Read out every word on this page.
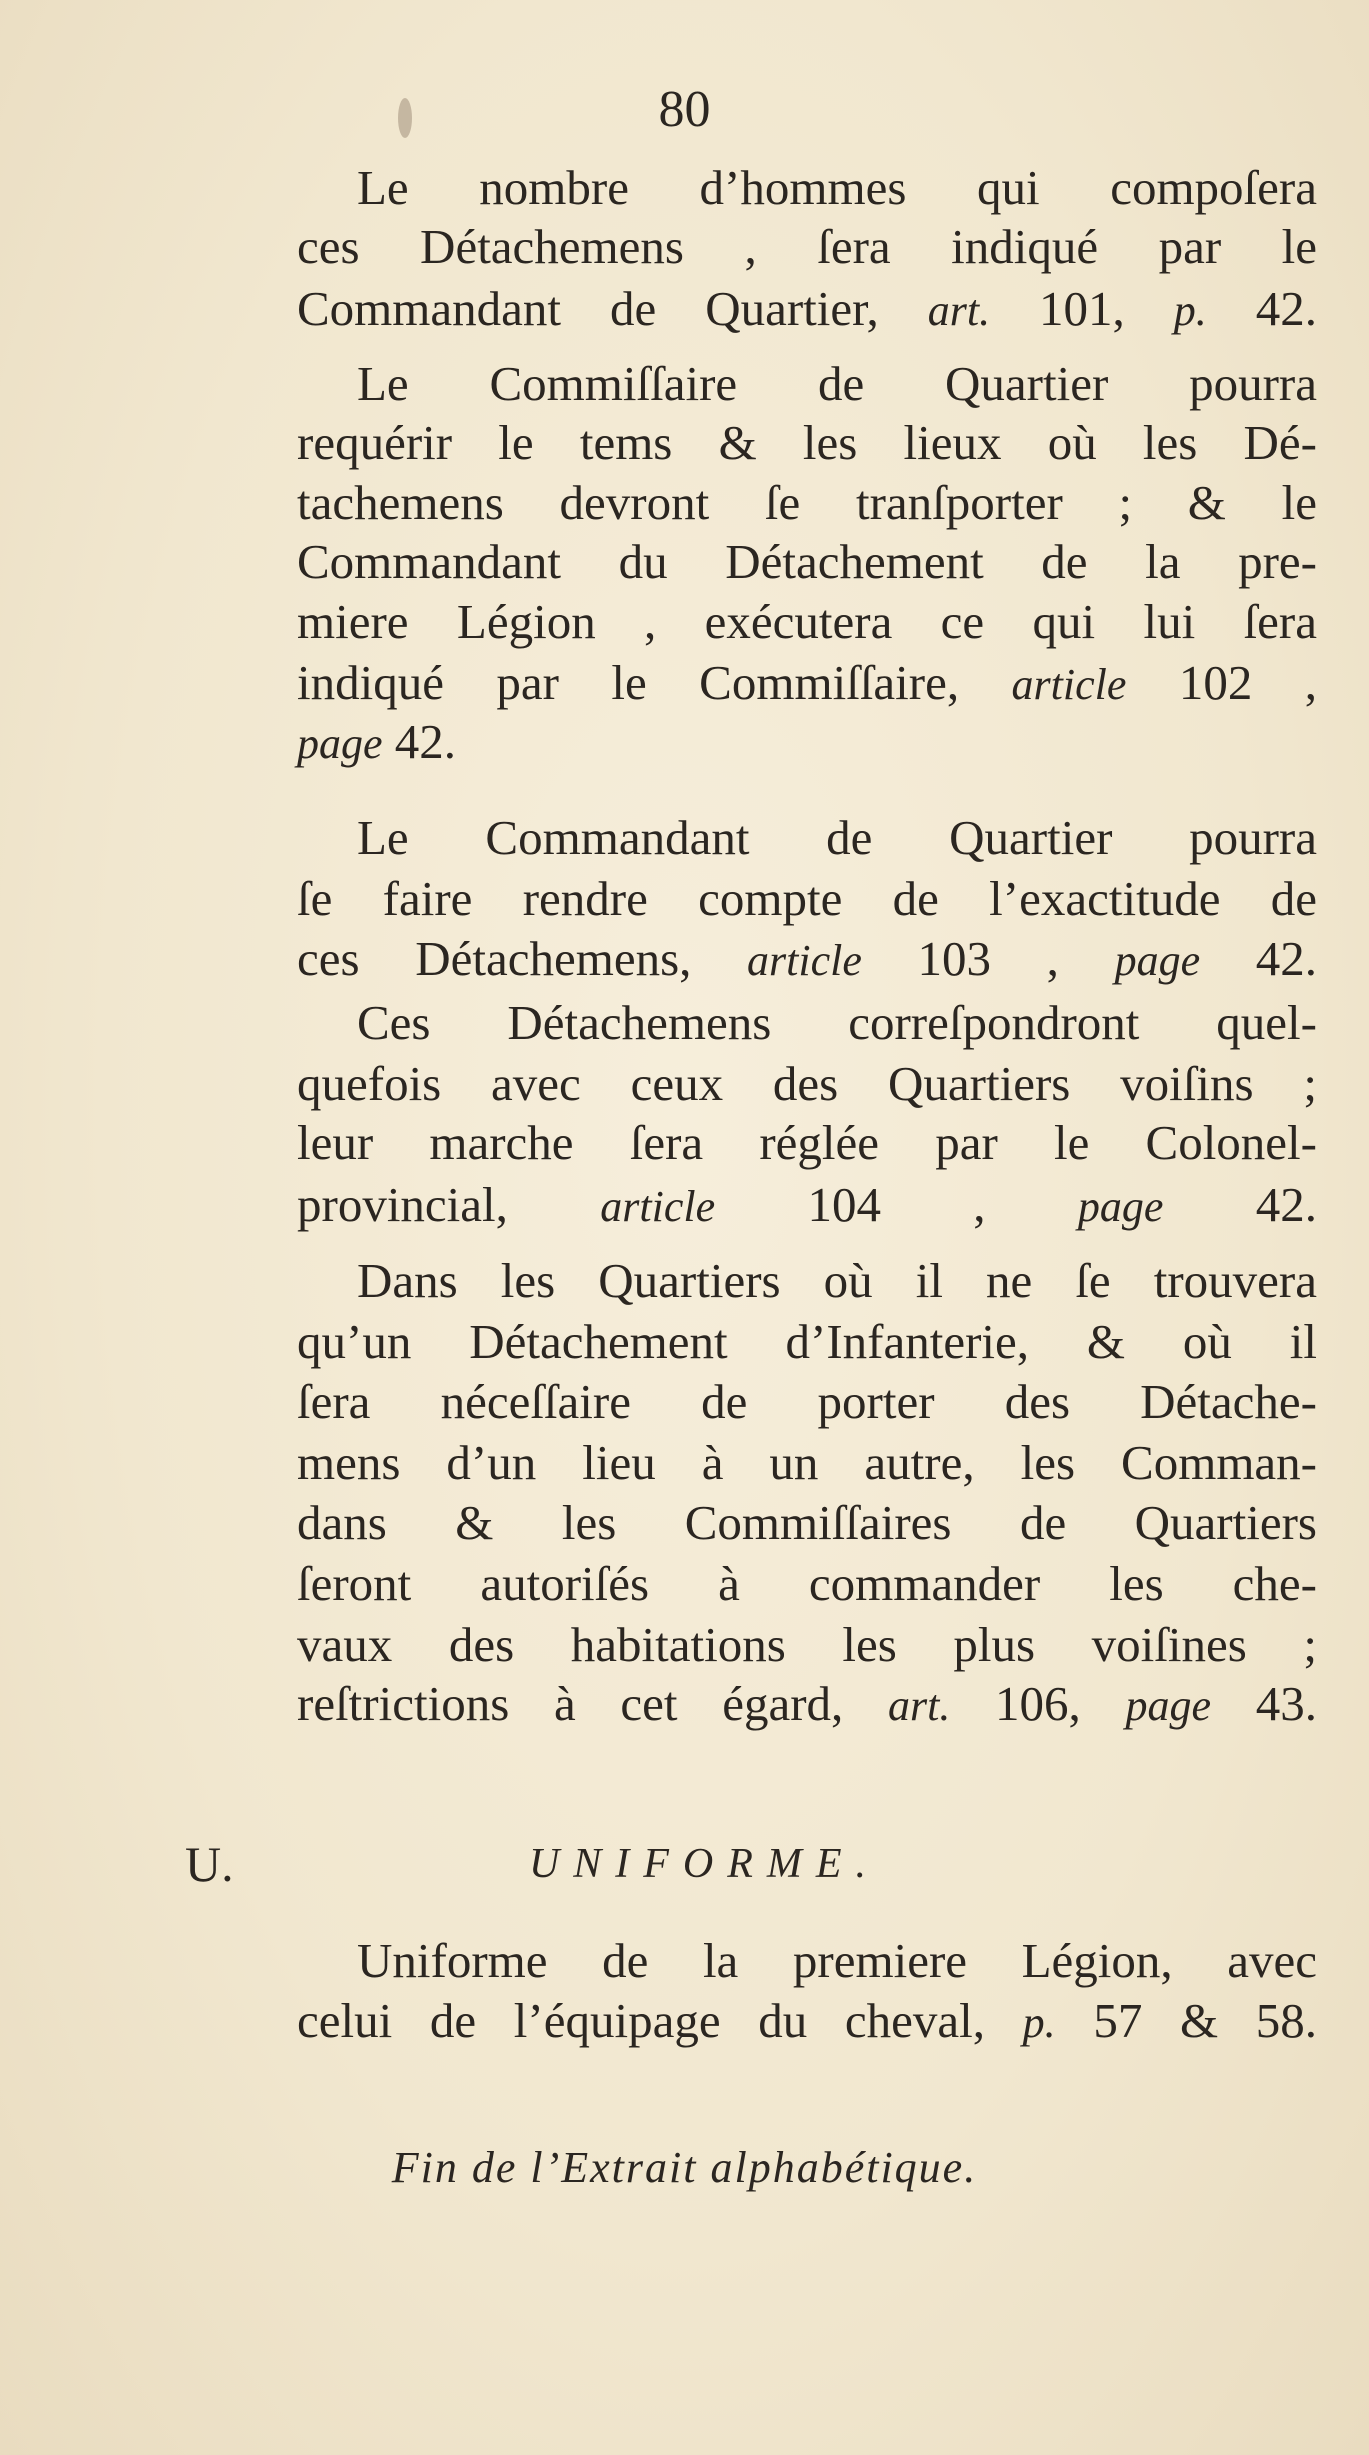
80
Le nombre d’hommes qui compoſera
ces Détachemens , ſera indiqué par le
Commandant de Quartier, art. 101, p. 42.
Le Commiſſaire de Quartier pourra
requérir le tems & les lieux où les Dé-
tachemens devront ſe tranſporter ; & le
Commandant du Détachement de la pre-
miere Légion , exécutera ce qui lui ſera
indiqué par le Commiſſaire, article 102 ,
page 42.
Le Commandant de Quartier pourra
ſe faire rendre compte de l’exactitude de
ces Détachemens, article 103 , page 42.
Ces Détachemens correſpondront quel-
quefois avec ceux des Quartiers voiſins ;
leur marche ſera réglée par le Colonel-
provincial, article 104 , page 42.
Dans les Quartiers où il ne ſe trouvera
qu’un Détachement d’Infanterie, & où il
ſera néceſſaire de porter des Détache-
mens d’un lieu à un autre, les Comman-
dans & les Commiſſaires de Quartiers
ſeront autoriſés à commander les che-
vaux des habitations les plus voiſines ;
reſtrictions à cet égard, art. 106, page 43.
Uniforme de la premiere Légion, avec
celui de l’équipage du cheval, p. 57 & 58.
U.	UNIFORME.
Fin de l’Extrait alphabétique.
